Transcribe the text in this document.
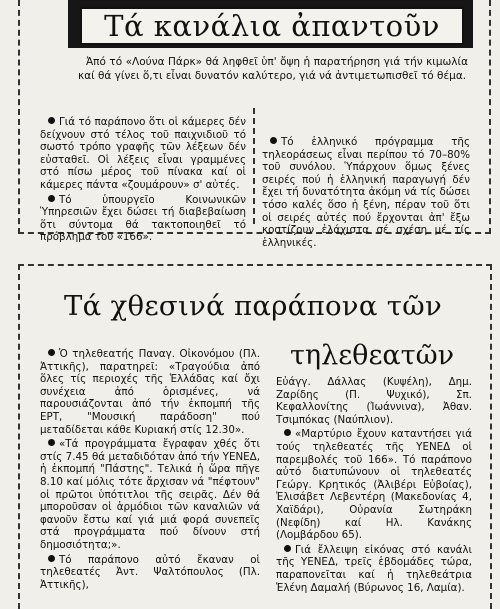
Τά κανάλια ἀπαντοῦν

Ἀπό τό «Λούνα Πάρκ» θά ληφθεῖ ὑπ' ὄψη ἡ παρατήρηση γιά τήν κιμωλία καί θά γίνει ὅ,τι εἶναι δυνατόν καλύτερο, γιά νά ἀντιμετωπισθεῖ τό θέμα.

Γιά τό παράπονο ὅτι οἱ κάμερες δέν δείχνουν στό τέλος τοῦ παιχνιδιοῦ τό σωστό τρόπο γραφῆς τῶν λέξεων δέν εὐσταθεῖ. Οἱ λέξεις εἶναι γραμμένες στό πίσω μέρος τοῦ πίνακα καί οἱ κάμερες πάντα «ζουμάρουν» σ' αὐτές.

Τό ὑπουργεῖο Κοινωνικῶν Ὑπηρεσιῶν ἔχει δώσει τή διαβεβαίωση ὅτι σύντομα θά τακτοποιηθεῖ τό πρόβλημα τοῦ «166».

Τό ἑλληνικό πρόγραμμα τῆς τηλεοράσεως εἶναι περίπου τό 70–80% τοῦ συνόλου. Ὑπάρχουν ὅμως ξένες σειρές πού ἡ ἑλληνική παραγωγή δέν ἔχει τή δυνατότητα ἀκόμη νά τίς δώσει τόσο καλές ὅσο ἡ ξένη, πέραν τοῦ ὅτι οἱ σειρές αὐτές πού ἔρχονται ἀπ' ἔξω κοστίζουν ἐλάχιστα σέ σχέση μέ τίς ἑλληνικές.

Τά χθεσινά παράπονα τῶν
τηλεθεατῶν

Ὁ τηλεθεατής Παναγ. Οἰκονόμου (Πλ. Ἀττικῆς), παρατηρεῖ: «Τραγούδια ἀπό ὅλες τίς περιοχές τῆς Ἑλλάδας καί ὄχι συνέχεια ἀπό ὁρισμένες, νά παρουσιάζονται ἀπό τήν ἐκπομπή τῆς ΕΡΤ, "Μουσική παράδοση" πού μεταδίδεται κάθε Κυριακή στίς 12.30».

«Τά προγράμματα ἔγραφαν χθές ὅτι στίς 7.45 θά μεταδιδόταν ἀπό τήν ΥΕΝΕΔ, ἡ ἐκπομπή "Πάστης". Τελικά ἡ ὥρα πῆγε 8.10 καί μόλις τότε ἄρχισαν νά "πέφτουν" οἱ πρῶτοι ὑπότιτλοι τῆς σειρᾶς. Δέν θά μποροῦσαν οἱ ἁρμόδιοι τῶν καναλιῶν νά φανοῦν ἔστω καί γιά μιά φορά συνεπεῖς στά προγράμματα πού δίνουν στή δημοσιότητα;».

Τό παράπονο αὐτό ἔκαναν οἱ τηλεθεατές Ἀντ. Ψαλτόπουλος (Πλ. Ἀττικῆς),

Εὐάγγ. Δάλλας (Κυψέλη), Δημ. Ζαρίδης (Π. Ψυχικό), Σπ. Κεφαλλονίτης (Ἰωάννινα), Ἀθαν. Τσιμπόκας (Ναύπλιον).

«Μαρτύριο ἔχουν καταντήσει γιά τούς τηλεθεατές τῆς ΥΕΝΕΔ οἱ παρεμβολές τοῦ 166». Τό παράπονο αὐτό διατυπώνουν οἱ τηλεθεατές Γεώργ. Κρητικός (Ἀλιβέρι Εὐβοίας), Ἐλισάβετ Λεβεντέρη (Μακεδονίας 4, Χαϊδάρι), Οὐρανία Σωτηράκη (Νεφίδη) καί Ηλ. Κανάκης (Λομβάρδου 65).

Γιά ἔλλειψη εἰκόνας στό κανάλι τῆς ΥΕΝΕΔ, τρεῖς ἑβδομάδες τώρα, παραπονεῖται καί ἡ τηλεθεάτρια Ἑλένη Δαμαλή (Βύρωνος 16, Λαμία).
